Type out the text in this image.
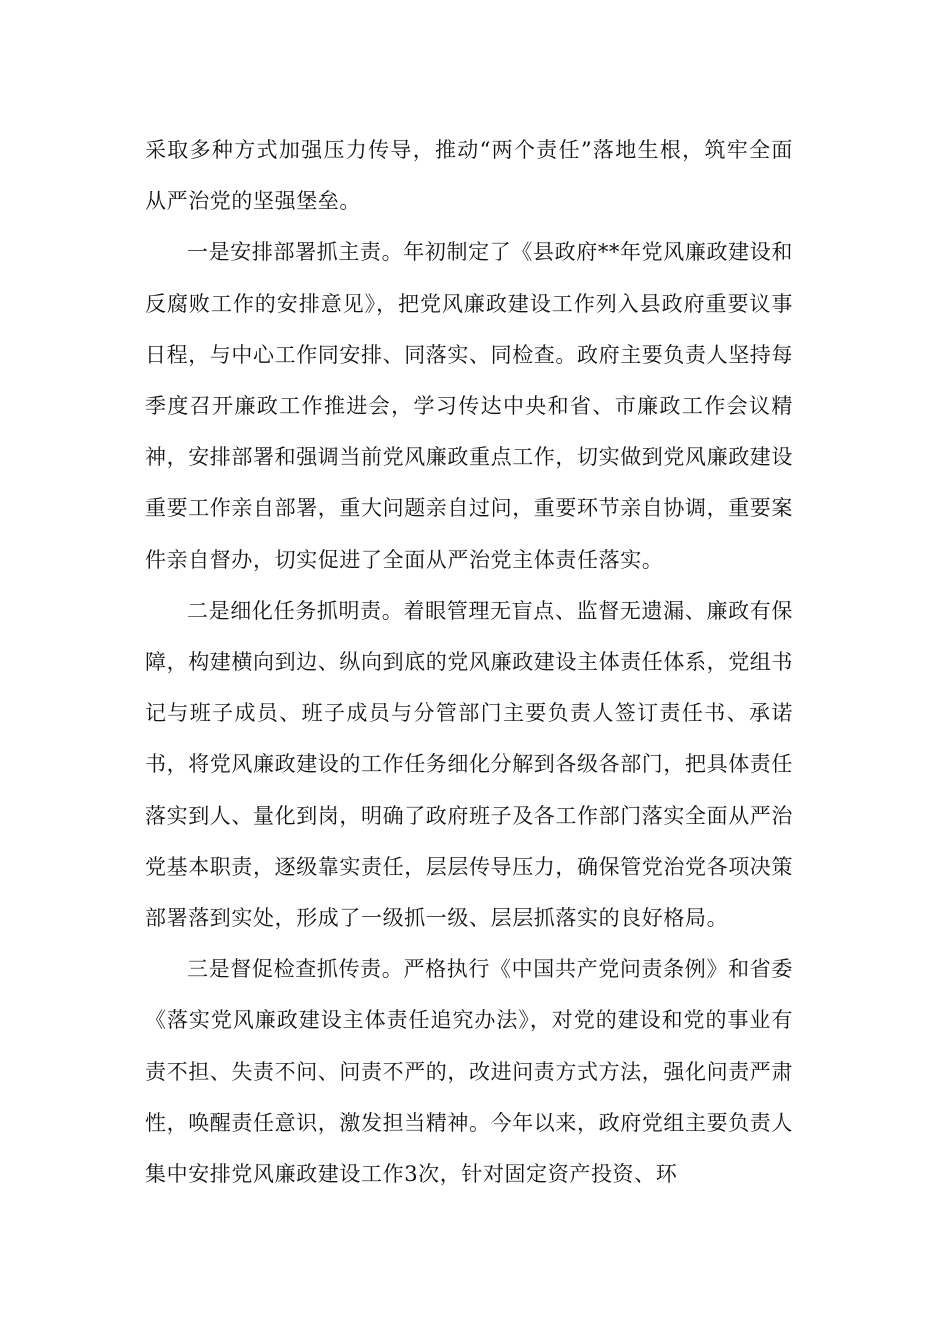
采取多种方式加强压力传导，推动“两个责任”落地生根，筑牢全面从严治党的坚强堡垒。

一是安排部署抓主责。年初制定了《县政府**年党风廉政建设和反腐败工作的安排意见》，把党风廉政建设工作列入县政府重要议事日程，与中心工作同安排、同落实、同检查。政府主要负责人坚持每季度召开廉政工作推进会，学习传达中央和省、市廉政工作会议精神，安排部署和强调当前党风廉政重点工作，切实做到党风廉政建设重要工作亲自部署，重大问题亲自过问，重要环节亲自协调，重要案件亲自督办，切实促进了全面从严治党主体责任落实。

二是细化任务抓明责。着眼管理无盲点、监督无遗漏、廉政有保障，构建横向到边、纵向到底的党风廉政建设主体责任体系，党组书记与班子成员、班子成员与分管部门主要负责人签订责任书、承诺书，将党风廉政建设的工作任务细化分解到各级各部门，把具体责任落实到人、量化到岗，明确了政府班子及各工作部门落实全面从严治党基本职责，逐级靠实责任，层层传导压力，确保管党治党各项决策部署落到实处，形成了一级抓一级、层层抓落实的良好格局。

三是督促检查抓传责。严格执行《中国共产党问责条例》和省委《落实党风廉政建设主体责任追究办法》，对党的建设和党的事业有责不担、失责不问、问责不严的，改进问责方式方法，强化问责严肃性，唤醒责任意识，激发担当精神。今年以来，政府党组主要负责人集中安排党风廉政建设工作3次，针对固定资产投资、环
